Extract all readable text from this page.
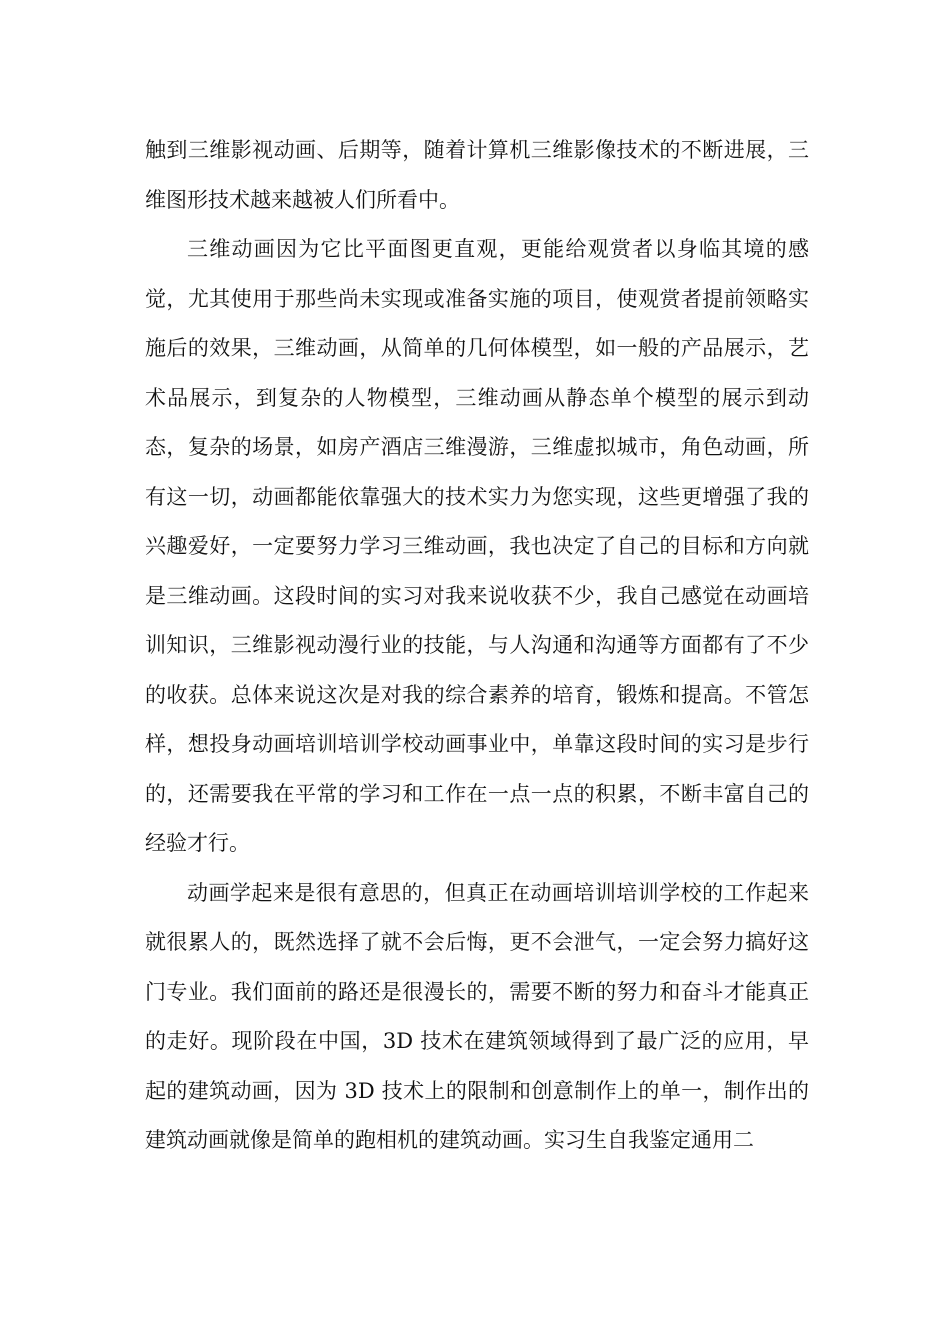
触到三维影视动画、后期等，随着计算机三维影像技术的不断进展，三维图形技术越来越被人们所看中。

三维动画因为它比平面图更直观，更能给观赏者以身临其境的感觉，尤其使用于那些尚未实现或准备实施的项目，使观赏者提前领略实施后的效果，三维动画，从简单的几何体模型，如一般的产品展示，艺术品展示，到复杂的人物模型，三维动画从静态单个模型的展示到动态，复杂的场景，如房产酒店三维漫游，三维虚拟城市，角色动画，所有这一切，动画都能依靠强大的技术实力为您实现，这些更增强了我的兴趣爱好，一定要努力学习三维动画，我也决定了自己的目标和方向就是三维动画。这段时间的实习对我来说收获不少，我自己感觉在动画培训知识，三维影视动漫行业的技能，与人沟通和沟通等方面都有了不少的收获。总体来说这次是对我的综合素养的培育，锻炼和提高。不管怎样，想投身动画培训培训学校动画事业中，单靠这段时间的实习是步行的，还需要我在平常的学习和工作在一点一点的积累，不断丰富自己的经验才行。

动画学起来是很有意思的，但真正在动画培训培训学校的工作起来就很累人的，既然选择了就不会后悔，更不会泄气，一定会努力搞好这门专业。我们面前的路还是很漫长的，需要不断的努力和奋斗才能真正的走好。现阶段在中国，3D 技术在建筑领域得到了最广泛的应用，早起的建筑动画，因为 3D 技术上的限制和创意制作上的单一，制作出的建筑动画就像是简单的跑相机的建筑动画。实习生自我鉴定通用二
